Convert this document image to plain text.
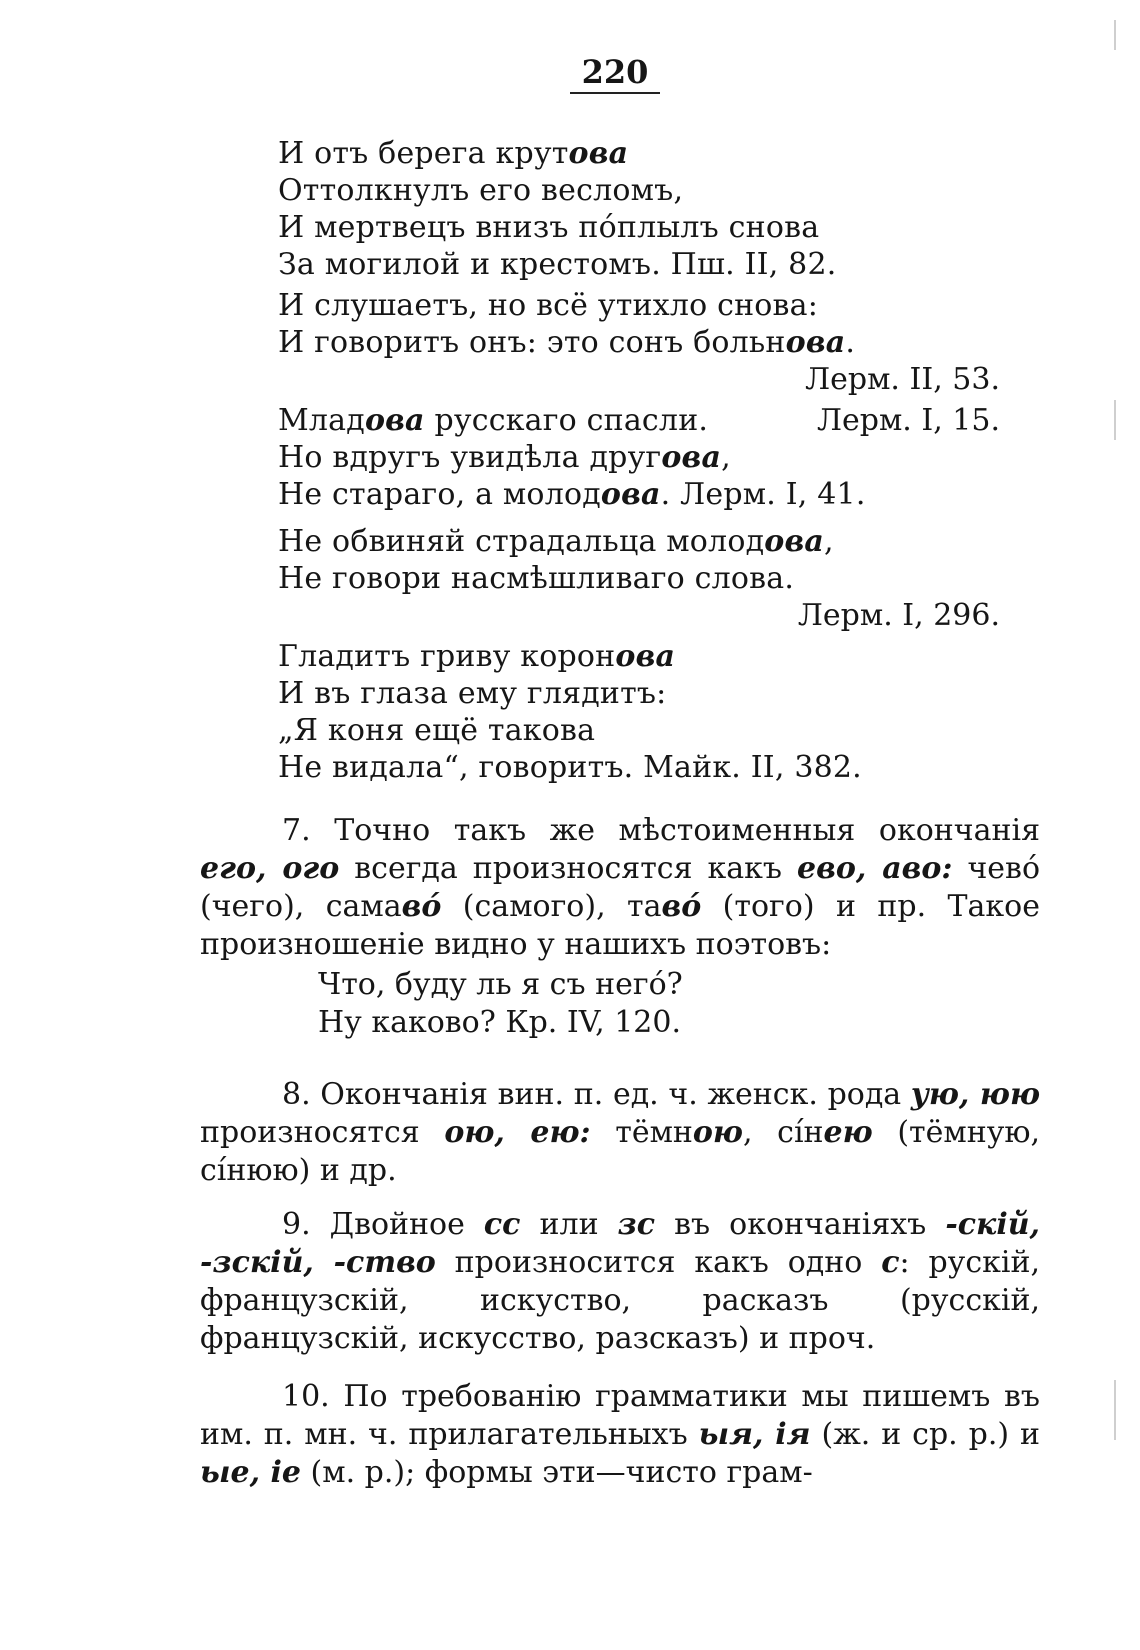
220
И отъ берега крутова
Оттолкнулъ его весломъ,
И мертвецъ внизъ пóплылъ снова
За могилой и крестомъ. Пш. II, 82.
И слушаетъ, но всё утихло снова:
И говоритъ онъ: это сонъ больнова.
Лерм. II, 53.
Младова русскаго спасли.	Лерм. I, 15.
Но вдругъ увидѣла другова,
Не стараго, а молодова. Лерм. I, 41.
Не обвиняй страдальца молодова,
Не говори насмѣшливаго слова.
Лерм. I, 296.
Гладитъ гриву коронова
И въ глаза ему глядитъ:
„Я коня ещё такова
Не видала“, говоритъ. Майк. II, 382.
7. Точно такъ же мѣстоименныя окончанія его, ого всегда произносятся какъ ево, аво: чевó (чего), самавó (самого), тавó (того) и пр. Такое произношеніе видно у нашихъ поэтовъ:
Что, буду ль я съ негó?
Ну каково? Кр. IV, 120.
8. Окончанія вин. п. ед. ч. женск. рода ую, юю произносятся ою, ею: тёмною, сíнею (тёмную, сíнюю) и др.
9. Двойное сс или зс въ окончаніяхъ -скій, -зскій, -ство произносится какъ одно с: рускій, французскій, искуство, расказъ (русскій, французскій, искусство, разсказъ) и проч.
10. По требованію грамматики мы пишемъ въ им. п. мн. ч. прилагательныхъ ыя, ія (ж. и ср. р.) и ые, іе (м. р.); формы эти—чисто грам-
